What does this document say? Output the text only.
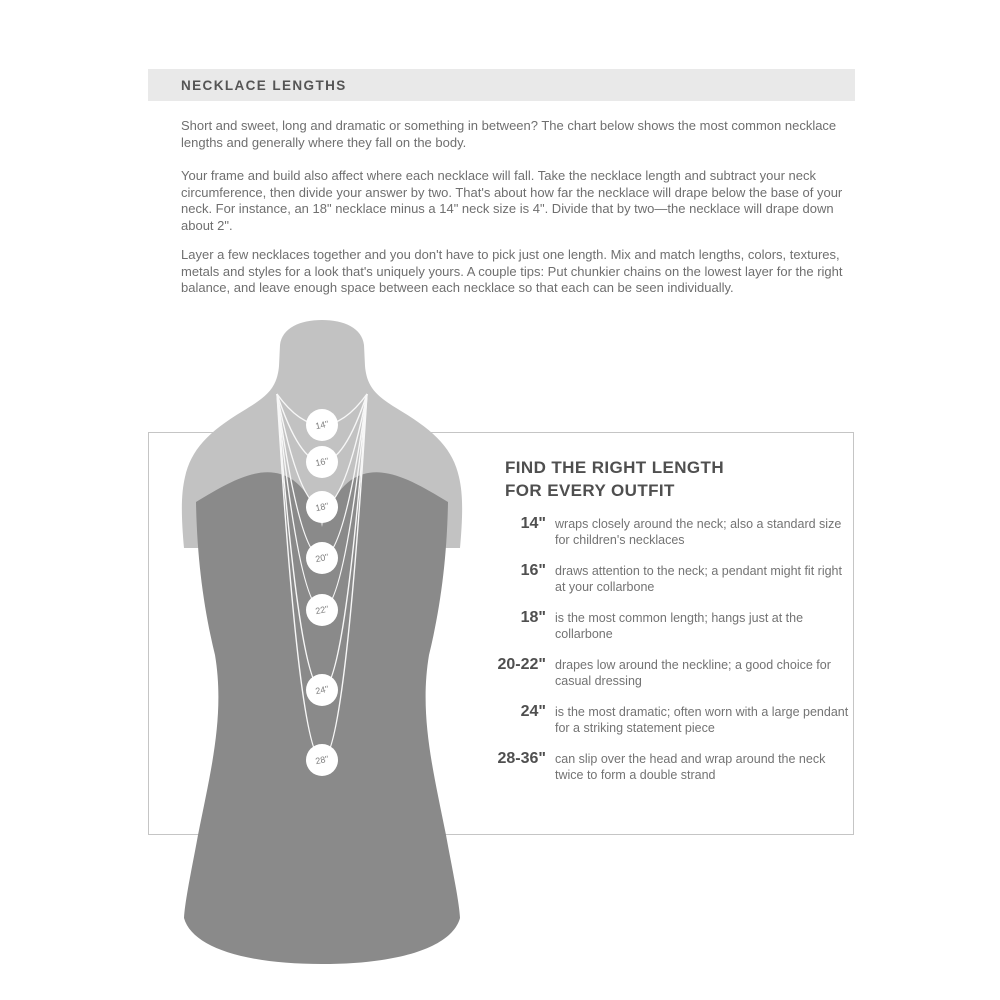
NECKLACE LENGTHS

Short and sweet, long and dramatic or something in between? The chart below shows the most common necklace lengths and generally where they fall on the body.

Your frame and build also affect where each necklace will fall. Take the necklace length and subtract your neck circumference, then divide your answer by two. That's about how far the necklace will drape below the base of your neck. For instance, an 18" necklace minus a 14" neck size is 4". Divide that by two—the necklace will drape down about 2".

Layer a few necklaces together and you don't have to pick just one length. Mix and match lengths, colors, textures, metals and styles for a look that's uniquely yours. A couple tips: Put chunkier chains on the lowest layer for the right balance, and leave enough space between each necklace so that each can be seen individually.

14"
16"
18"
20"
22"
24"
28"
FIND THE RIGHT LENGTH
FOR EVERY OUTFIT
14" wraps closely around the neck; also a standard size for children's necklaces
16" draws attention to the neck; a pendant might fit right at your collarbone
18" is the most common length; hangs just at the collarbone
20-22" drapes low around the neckline; a good choice for casual dressing
24" is the most dramatic; often worn with a large pendant for a striking statement piece
28-36" can slip over the head and wrap around the neck twice to form a double strand
